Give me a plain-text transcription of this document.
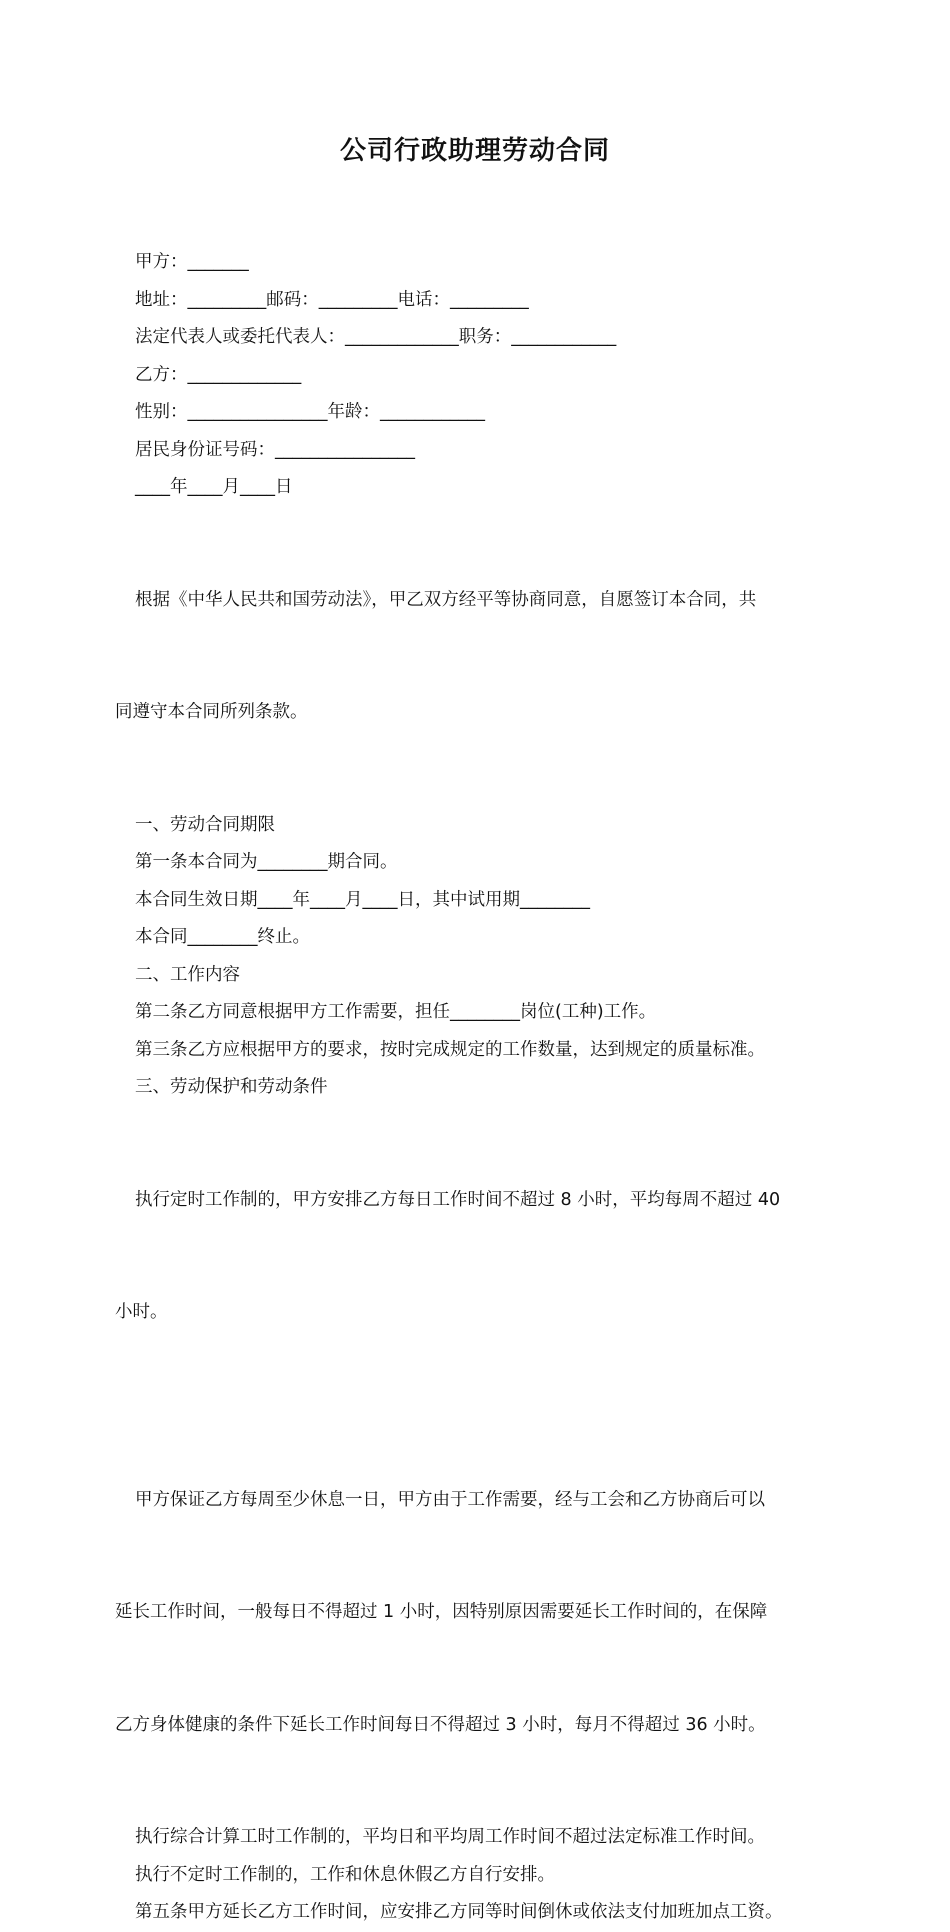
公司行政助理劳动合同
甲方：_______
地址：_________邮码：_________电话：_________
法定代表人或委托代表人：_____________职务：____________
乙方：_____________
性别：________________年龄：____________
居民身份证号码：________________
____年____月____日

根据《中华人民共和国劳动法》，甲乙双方经平等协商同意，自愿签订本合同，共

同遵守本合同所列条款。

一、劳动合同期限
第一条本合同为________期合同。
本合同生效日期____年____月____日，其中试用期________
本合同________终止。
二、工作内容
第二条乙方同意根据甲方工作需要，担任________岗位(工种)工作。
第三条乙方应根据甲方的要求，按时完成规定的工作数量，达到规定的质量标准。
三、劳动保护和劳动条件

执行定时工作制的，甲方安排乙方每日工作时间不超过 8 小时，平均每周不超过 40

小时。

甲方保证乙方每周至少休息一日，甲方由于工作需要，经与工会和乙方协商后可以

延长工作时间，一般每日不得超过 1 小时，因特别原因需要延长工作时间的，在保障

乙方身体健康的条件下延长工作时间每日不得超过 3 小时，每月不得超过 36 小时。

执行综合计算工时工作制的，平均日和平均周工作时间不超过法定标准工作时间。
执行不定时工作制的，工作和休息休假乙方自行安排。
第五条甲方延长乙方工作时间，应安排乙方同等时间倒休或依法支付加班加点工资。
